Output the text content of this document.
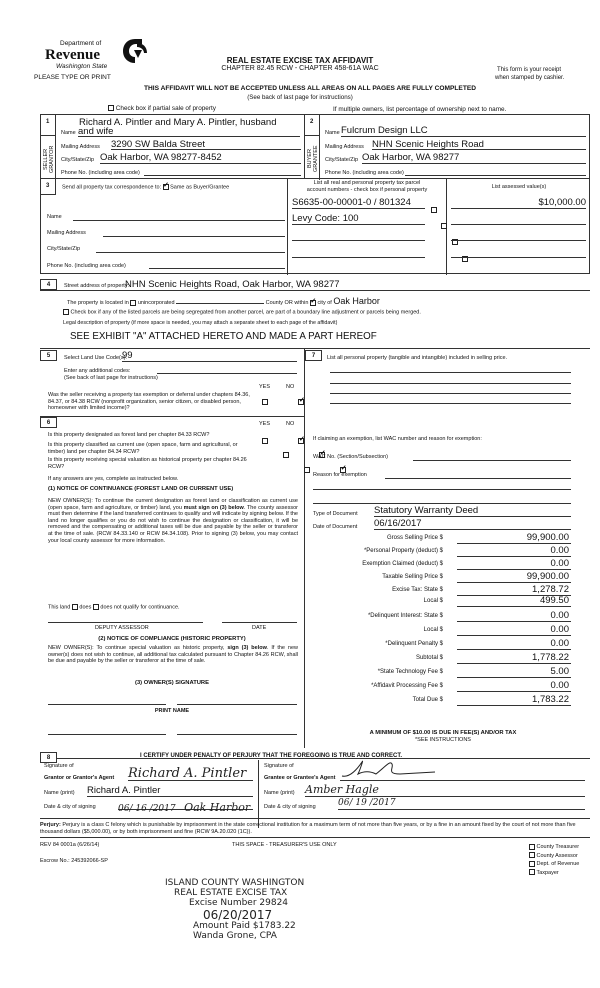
Department of
Revenue
Washington State
PLEASE TYPE OR PRINT
REAL ESTATE EXCISE TAX AFFIDAVIT
CHAPTER 82.45 RCW - CHAPTER 458-61A WAC	This form is your receipt
when stamped by cashier.
THIS AFFIDAVIT WILL NOT BE ACCEPTED UNLESS ALL AREAS ON ALL PAGES ARE FULLY COMPLETED
(See back of last page for instructions)
Check box if partial sale of property	If multiple owners, list percentage of ownership next to name.
1
SELLER
GRANTOR
Richard A. Pintler and Mary A. Pintler, husband
Name and wife
Mailing Address 3290 SW Balda Street
City/State/Zip Oak Harbor, WA 98277-8452
Phone No. (including area code)
2
BUYER
GRANTEE
Name Fulcrum Design LLC
Mailing Address NHN Scenic Heights Road
City/State/Zip Oak Harbor, WA 98277
Phone No. (including area code)
3 Send all property tax correspondence to: ✓ Same as Buyer/Grantee
Name
Mailing Address
City/State/Zip
Phone No. (including area code)
List all real and personal property tax parcel
account numbers - check box if personal property	List assessed value(s)
S6635-00-00001-0 / 801324
	$10,000.00
Levy Code: 100

4	Street address of property:
NHN Scenic Heights Road, Oak Harbor, WA 98277
The property is located in unincorporated	County OR within ✓ city of Oak Harbor
Check box if any of the listed parcels are being segregated from another parcel, are part of a boundary line adjustment or parcels being merged.
Legal description of property (if more space is needed, you may attach a separate sheet to each page of the affidavit)
SEE EXHIBIT "A" ATTACHED HERETO AND MADE A PART HEREOF
5	Select Land Use Code(s):
99
Enter any additional codes:
(See back of last page for instructions)
YES	NO
Was the seller receiving a property tax exemption or deferral under chapters 84.36, 84.37, or 84.38 RCW (nonprofit organization, senior citizen, or disabled person, homeowner with limited income)?
✓
6	YES	NO
Is this property designated as forest land per chapter 84.33 RCW?
✓
Is this property classified as current use (open space, farm and agricultural, or timber) land per chapter 84.34 RCW?
✓
Is this property receiving special valuation as historical property per chapter 84.26 RCW?
✓
If any answers are yes, complete as instructed below.
(1) NOTICE OF CONTINUANCE (FOREST LAND OR CURRENT USE)
NEW OWNER(S): To continue the current designation as forest land or classification as current use (open space, farm and agriculture, or timber) land, you must sign on (3) below. The county assessor must then determine if the land transferred continues to qualify and will indicate by signing below. If the land no longer qualifies or you do not wish to continue the designation or classification, it will be removed and the compensating or additional taxes will be due and payable by the seller or transferor at the time of sale. (RCW 84.33.140 or RCW 84.34.108). Prior to signing (3) below, you may contact your local county assessor for more information.
This land does does not qualify for continuance.
DEPUTY ASSESSOR	DATE
(2) NOTICE OF COMPLIANCE (HISTORIC PROPERTY)
NEW OWNER(S): To continue special valuation as historic property, sign (3) below. If the new owner(s) does not wish to continue, all additional tax calculated pursuant to Chapter 84.26 RCW, shall be due and payable by the seller or transferor at the time of sale.
(3) OWNER(S) SIGNATURE
PRINT NAME
7	List all personal property (tangible and intangible) included in selling price.
If claiming an exemption, list WAC number and reason for exemption:
WAC No. (Section/Subsection)
Reason for exemption
Type of Document Statutory Warranty Deed
Date of Document 06/16/2017
Gross Selling Price $	99,900.00
*Personal Property (deduct) $	0.00
Exemption Claimed (deduct) $	0.00
Taxable Selling Price $	99,900.00
Excise Tax: State $	1,278.72
Local $	499.50
*Delinquent Interest: State $	0.00
Local $	0.00
*Delinquent Penalty $	0.00
Subtotal $	1,778.22
*State Technology Fee $	5.00
*Affidavit Processing Fee $	0.00
Total Due $	1,783.22
A MINIMUM OF $10.00 IS DUE IN FEE(S) AND/OR TAX
*SEE INSTRUCTIONS
8	I CERTIFY UNDER PENALTY OF PERJURY THAT THE FOREGOING IS TRUE AND CORRECT.
Signature of
Grantor or Grantor's Agent Richard A. Pintler
Name (print) Richard A. Pintler
Date & city of signing 06/ 16 /2017 Oak Harbor
Signature of
Grantee or Grantee's Agent
Name (print) Amber Hagle
Date & city of signing 06/ 19 /2017
Perjury: Perjury is a class C felony which is punishable by imprisonment in the state correctional institution for a maximum term of not more than five years, or by a fine in an amount fixed by the court of not more than five thousand dollars ($5,000.00), or by both imprisonment and fine (RCW 9A.20.020 (1C)).
REV 84 0001a (6/26/14)	THIS SPACE - TREASURER'S USE ONLY
Escrow No.: 245392066-SP
County Treasurer
County Assessor
Dept. of Revenue
Taxpayer
ISLAND COUNTY WASHINGTON
REAL ESTATE EXCISE TAX
Excise Number 29824
06/20/2017
Amount Paid $1783.22
Wanda Grone, CPA
